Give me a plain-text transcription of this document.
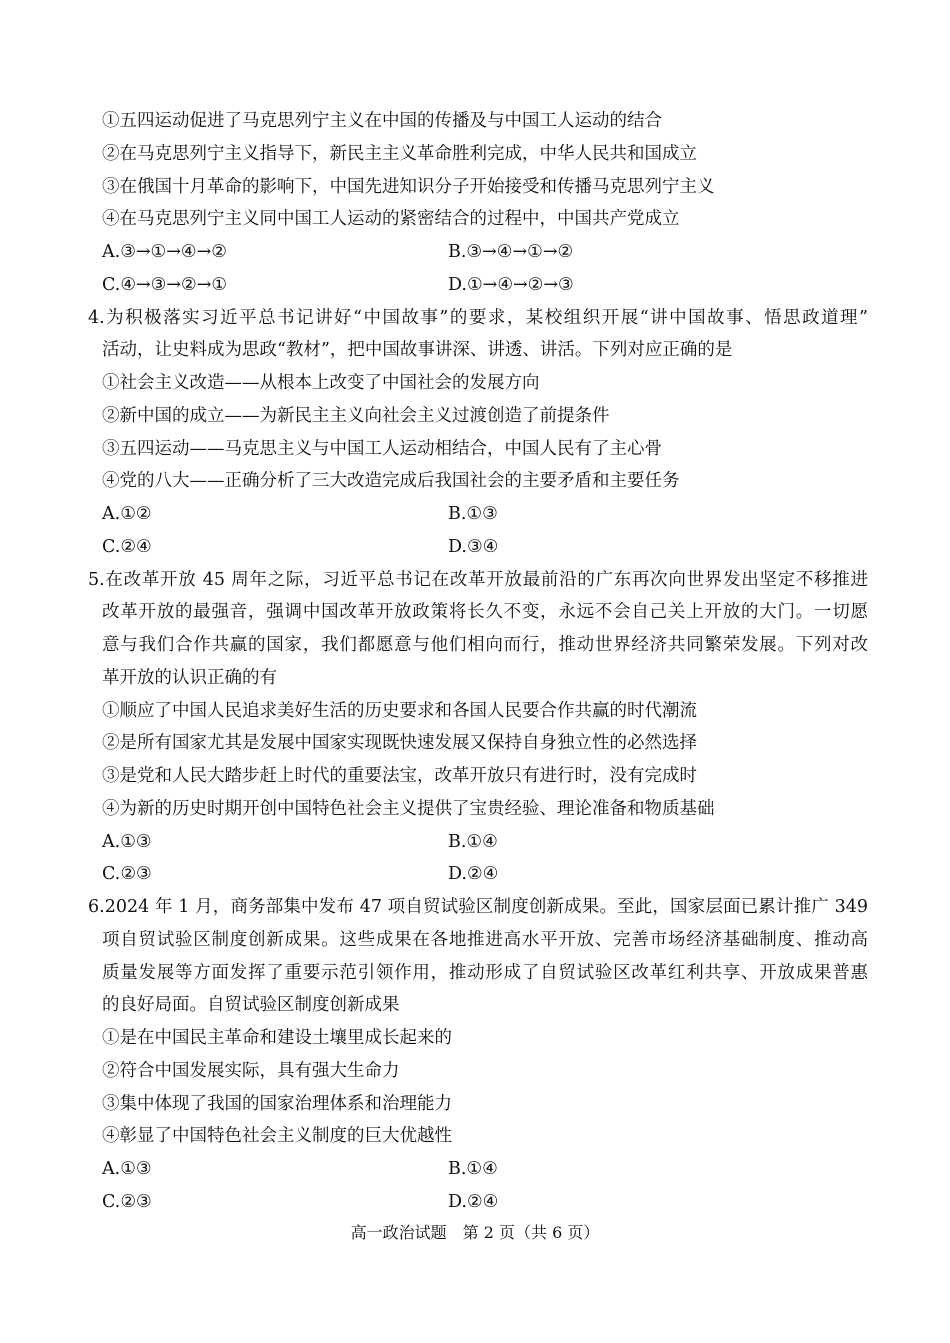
①五四运动促进了马克思列宁主义在中国的传播及与中国工人运动的结合
②在马克思列宁主义指导下，新民主主义革命胜利完成，中华人民共和国成立
③在俄国十月革命的影响下，中国先进知识分子开始接受和传播马克思列宁主义
④在马克思列宁主义同中国工人运动的紧密结合的过程中，中国共产党成立
A.③→①→④→②	B.③→④→①→②
C.④→③→②→①	D.①→④→②→③
4.为积极落实习近平总书记讲好“中国故事”的要求，某校组织开展“讲中国故事、悟思政道理”
活动，让史料成为思政“教材”，把中国故事讲深、讲透、讲活。下列对应正确的是
①社会主义改造——从根本上改变了中国社会的发展方向
②新中国的成立——为新民主主义向社会主义过渡创造了前提条件
③五四运动——马克思主义与中国工人运动相结合，中国人民有了主心骨
④党的八大——正确分析了三大改造完成后我国社会的主要矛盾和主要任务
A.①②	B.①③
C.②④	D.③④
5.在改革开放 45 周年之际，习近平总书记在改革开放最前沿的广东再次向世界发出坚定不移推进
改革开放的最强音，强调中国改革开放政策将长久不变，永远不会自己关上开放的大门。一切愿
意与我们合作共赢的国家，我们都愿意与他们相向而行，推动世界经济共同繁荣发展。下列对改
革开放的认识正确的有
①顺应了中国人民追求美好生活的历史要求和各国人民要合作共赢的时代潮流
②是所有国家尤其是发展中国家实现既快速发展又保持自身独立性的必然选择
③是党和人民大踏步赶上时代的重要法宝，改革开放只有进行时，没有完成时
④为新的历史时期开创中国特色社会主义提供了宝贵经验、理论准备和物质基础
A.①③	B.①④
C.②③	D.②④
6.2024 年 1 月，商务部集中发布 47 项自贸试验区制度创新成果。至此，国家层面已累计推广 349
项自贸试验区制度创新成果。这些成果在各地推进高水平开放、完善市场经济基础制度、推动高
质量发展等方面发挥了重要示范引领作用，推动形成了自贸试验区改革红利共享、开放成果普惠
的良好局面。自贸试验区制度创新成果
①是在中国民主革命和建设土壤里成长起来的
②符合中国发展实际，具有强大生命力
③集中体现了我国的国家治理体系和治理能力
④彰显了中国特色社会主义制度的巨大优越性
A.①③	B.①④
C.②③	D.②④
高一政治试题　第 2 页（共 6 页）
